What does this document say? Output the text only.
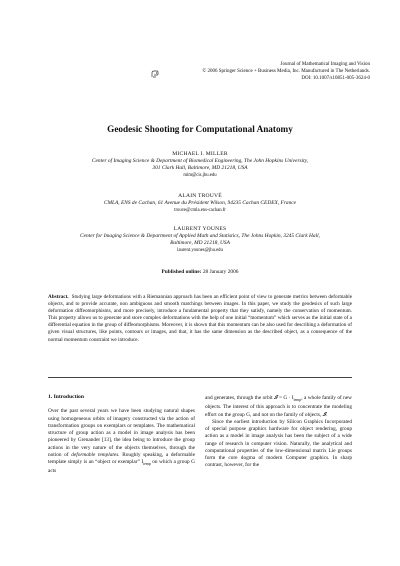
Journal of Mathematical Imaging and Vision
© 2006 Springer Science + Business Media, Inc. Manufactured in The Netherlands.
DOI: 10.1007/s10851-005-3624-0
Geodesic Shooting for Computational Anatomy
MICHAEL I. MILLER
Center of Imaging Science & Department of Biomedical Engineering, The John Hopkins University,
301 Clark Hall, Baltimore, MD 21218, USA
mim@cis.jhu.edu
ALAIN TROUVÉ
CMLA, ENS de Cachan, 61 Avenue du Président Wilson, 94235 Cachan CEDEX, France
trouve@cmla.ens-cachan.fr
LAURENT YOUNES
Center for Imaging Science & Department of Applied Math and Statistics, The Johns Hopkin, 3245 Clark Hall,
Baltimore, MD 21218, USA
laurent.younes@jhu.edu
Published online: 28 January 2006
Abstract. Studying large deformations with a Riemannian approach has been an efficient point of view to generate metrics between deformable objects, and to provide accurate, non ambiguous and smooth matchings between images. In this paper, we study the geodesics of such large deformation diffeomorphisms, and more precisely, introduce a fundamental property that they satisfy, namely the conservation of momentum. This property allows us to generate and store complex deformations with the help of one initial “momentum” which serves as the initial state of a differential equation in the group of diffeomorphisms. Moreover, it is shown that this momentum can be also used for describing a deformation of given visual structures, like points, contours or images, and that, it has the same dimension as the described object, as a consequence of the normal momentum constraint we introduce.
1. Introduction

Over the past several years we have been studying natural shapes using homogeneous orbits of imagery constructed via the action of transformation groups on exemplars or templates. The mathematical structure of group action as a model in image analysis has been pioneered by Grenander [13], the idea being to introduce the group actions in the very nature of the objects themselves, through the notion of deformable templates. Roughly speaking, a deformable template simply is an “object or exemplar” $I_{temp}$ on which a group G acts

and generates, through the orbit 𝓘 = $G \cdot I_{temp}$, a whole family of new objects. The interest of this approach is to concentrate the modeling effort on the group G, and not on the family of objects, 𝓘.

Since the earliest introduction by Silicon Graphics Incorporated of special purpose graphics hardware for object rendering, group action as a model in image analysis has been the subject of a wide range of research in computer vision. Naturally, the analytical and computational properties of the low-dimensional matrix Lie groups form the core dogma of modern Computer graphics. In sharp contrast, however, for the
